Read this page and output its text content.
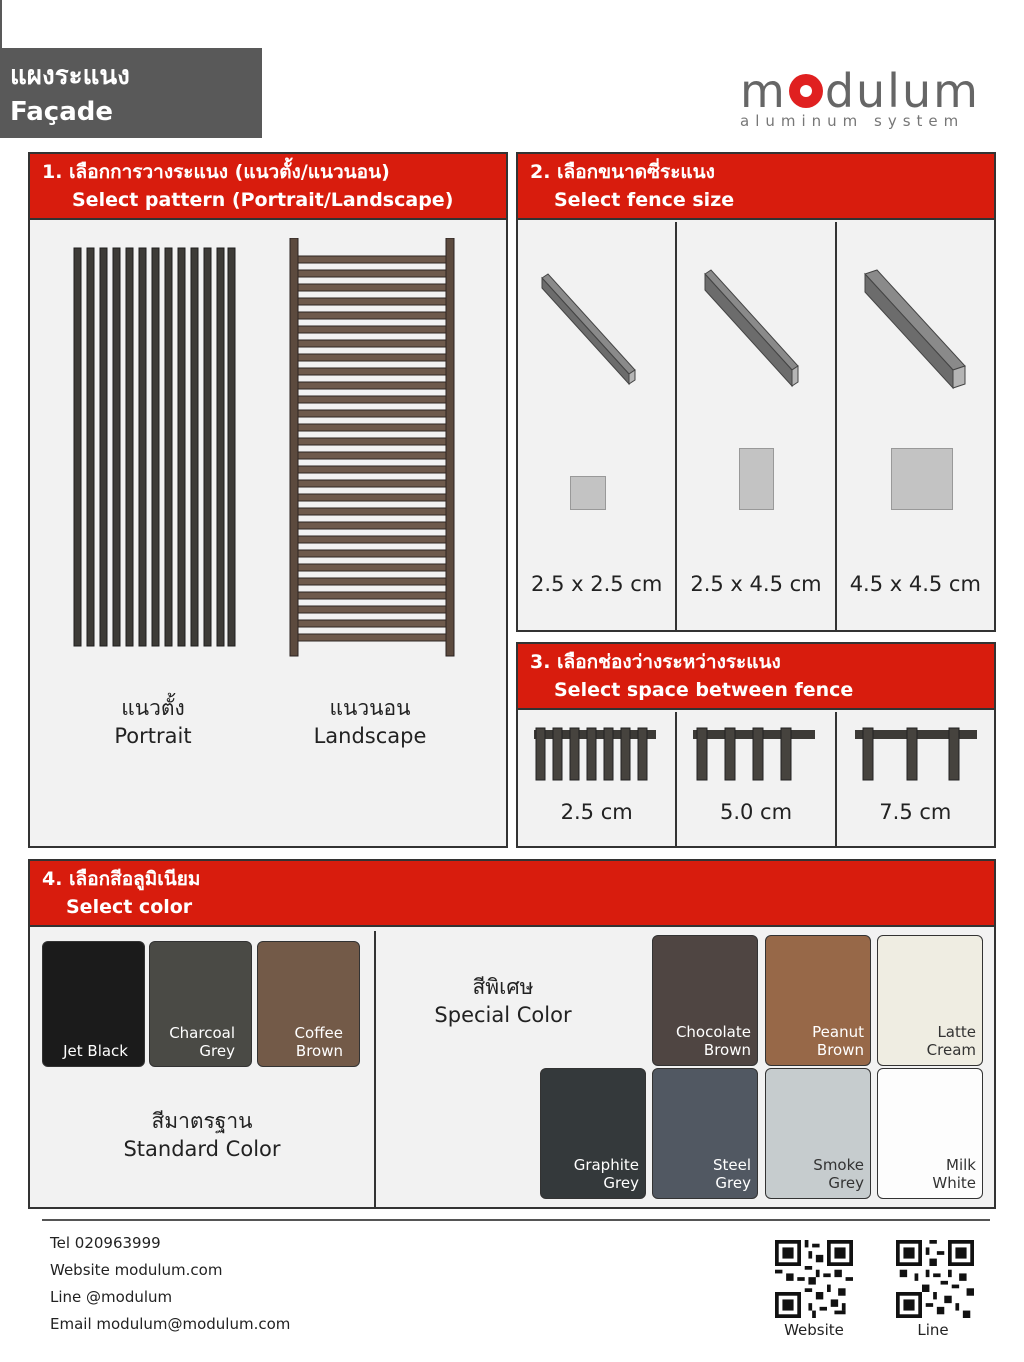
แผงระแนง
Façade	m dulum
aluminum system
1. เลือกการวางระแนง (แนวตั้ง/แนวนอน)
Select pattern (Portrait/Landscape)
แนวตั้ง
Portrait
แนวนอน
Landscape
2. เลือกขนาดซี่ระแนง
Select fence size
2.5 x 2.5 cm	2.5 x 4.5 cm	4.5 x 4.5 cm
3. เลือกช่องว่างระหว่างระแนง
Select space between fence
2.5 cm	5.0 cm	7.5 cm
4. เลือกสีอลูมิเนียม
Select color
Jet Black
Charcoal
Grey
Coffee
Brown
สีมาตรฐาน
Standard Color
สีพิเศษ
Special Color
Chocolate
Brown
Peanut
Brown
Latte
Cream
Graphite
Grey
Steel
Grey
Smoke
Grey
Milk
White
Tel 020963999
Website modulum.com
Line @modulum
Email modulum@modulum.com	Website	Line
